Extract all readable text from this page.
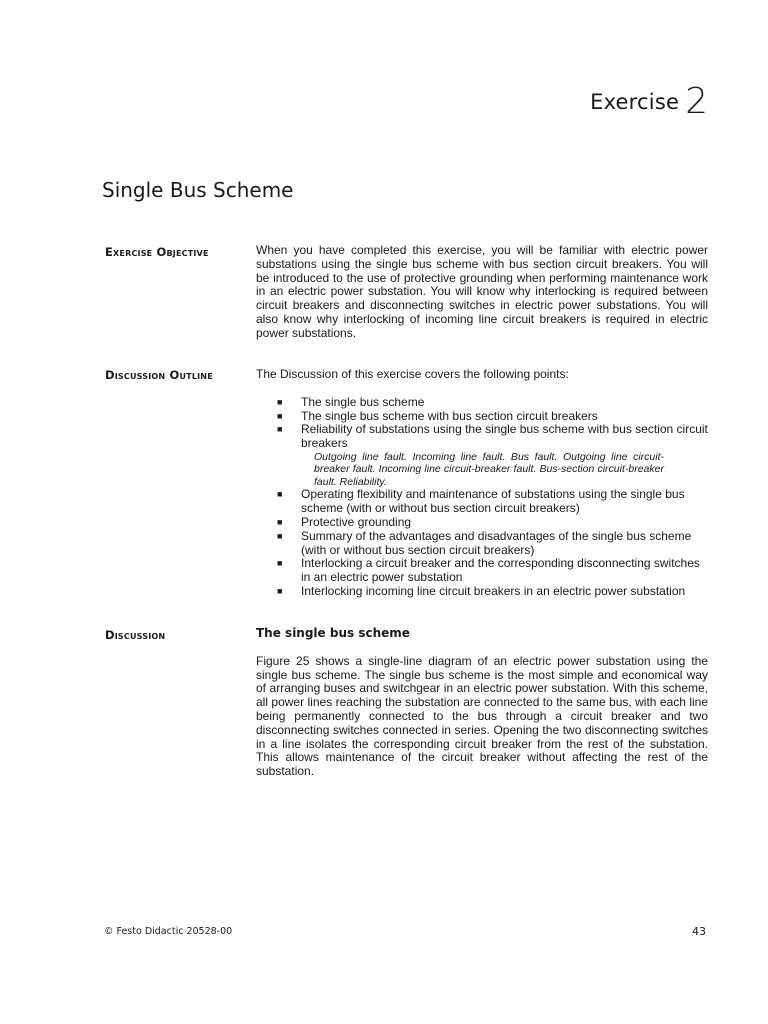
Exercise 2
Single Bus Scheme
Exercise Objective	When you have completed this exercise, you will be familiar with electric power substations using the single bus scheme with bus section circuit breakers. You will be introduced to the use of protective grounding when performing maintenance work in an electric power substation. You will know why interlocking is required between circuit breakers and disconnecting switches in electric power substations. You will also know why interlocking of incoming line circuit breakers is required in electric power substations.

Discussion Outline	The Discussion of this exercise covers the following points:

■ The single bus scheme
■ The single bus scheme with bus section circuit breakers
■ Reliability of substations using the single bus scheme with bus section circuit breakers
Outgoing line fault. Incoming line fault. Bus fault. Outgoing line circuit-breaker fault. Incoming line circuit-breaker fault. Bus-section circuit-breaker fault. Reliability.
■ Operating flexibility and maintenance of substations using the single bus scheme (with or without bus section circuit breakers)
■ Protective grounding
■ Summary of the advantages and disadvantages of the single bus scheme (with or without bus section circuit breakers)
■ Interlocking a circuit breaker and the corresponding disconnecting switches in an electric power substation
■ Interlocking incoming line circuit breakers in an electric power substation
Discussion	The single bus scheme

Figure 25 shows a single-line diagram of an electric power substation using the single bus scheme. The single bus scheme is the most simple and economical way of arranging buses and switchgear in an electric power substation. With this scheme, all power lines reaching the substation are connected to the same bus, with each line being permanently connected to the bus through a circuit breaker and two disconnecting switches connected in series. Opening the two disconnecting switches in a line isolates the corresponding circuit breaker from the rest of the substation. This allows maintenance of the circuit breaker without affecting the rest of the substation.

© Festo Didactic 20528-00	43
